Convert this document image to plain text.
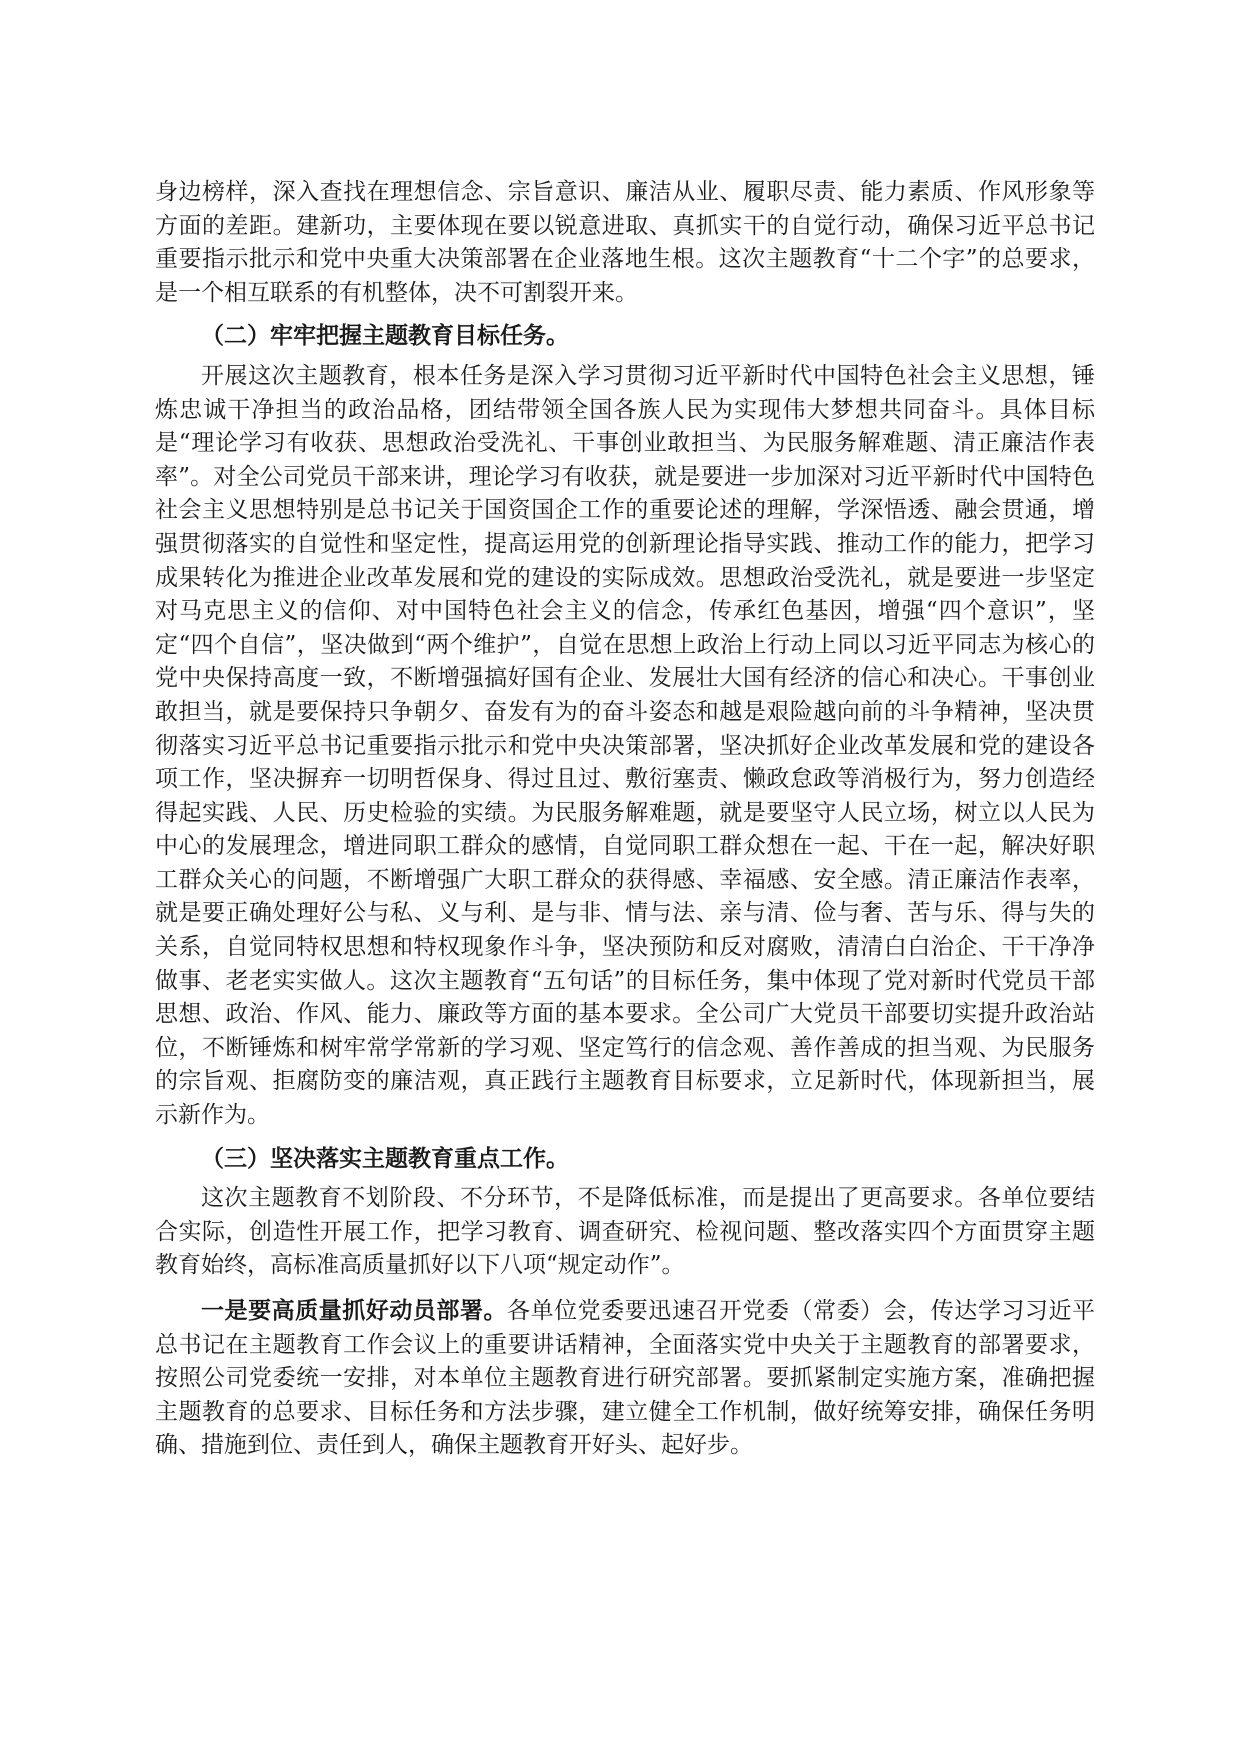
身边榜样，深入查找在理想信念、宗旨意识、廉洁从业、履职尽责、能力素质、作风形象等方面的差距。建新功，主要体现在要以锐意进取、真抓实干的自觉行动，确保习近平总书记重要指示批示和党中央重大决策部署在企业落地生根。这次主题教育“十二个字”的总要求，是一个相互联系的有机整体，决不可割裂开来。

（二）牢牢把握主题教育目标任务。

开展这次主题教育，根本任务是深入学习贯彻习近平新时代中国特色社会主义思想，锤炼忠诚干净担当的政治品格，团结带领全国各族人民为实现伟大梦想共同奋斗。具体目标是“理论学习有收获、思想政治受洗礼、干事创业敢担当、为民服务解难题、清正廉洁作表率”。对全公司党员干部来讲，理论学习有收获，就是要进一步加深对习近平新时代中国特色社会主义思想特别是总书记关于国资国企工作的重要论述的理解，学深悟透、融会贯通，增强贯彻落实的自觉性和坚定性，提高运用党的创新理论指导实践、推动工作的能力，把学习成果转化为推进企业改革发展和党的建设的实际成效。思想政治受洗礼，就是要进一步坚定对马克思主义的信仰、对中国特色社会主义的信念，传承红色基因，增强“四个意识”，坚定“四个自信”，坚决做到“两个维护”，自觉在思想上政治上行动上同以习近平同志为核心的党中央保持高度一致，不断增强搞好国有企业、发展壮大国有经济的信心和决心。干事创业敢担当，就是要保持只争朝夕、奋发有为的奋斗姿态和越是艰险越向前的斗争精神，坚决贯彻落实习近平总书记重要指示批示和党中央决策部署，坚决抓好企业改革发展和党的建设各项工作，坚决摒弃一切明哲保身、得过且过、敷衍塞责、懒政怠政等消极行为，努力创造经得起实践、人民、历史检验的实绩。为民服务解难题，就是要坚守人民立场，树立以人民为中心的发展理念，增进同职工群众的感情，自觉同职工群众想在一起、干在一起，解决好职工群众关心的问题，不断增强广大职工群众的获得感、幸福感、安全感。清正廉洁作表率，就是要正确处理好公与私、义与利、是与非、情与法、亲与清、俭与奢、苦与乐、得与失的关系，自觉同特权思想和特权现象作斗争，坚决预防和反对腐败，清清白白治企、干干净净做事、老老实实做人。这次主题教育“五句话”的目标任务，集中体现了党对新时代党员干部思想、政治、作风、能力、廉政等方面的基本要求。全公司广大党员干部要切实提升政治站位，不断锤炼和树牢常学常新的学习观、坚定笃行的信念观、善作善成的担当观、为民服务的宗旨观、拒腐防变的廉洁观，真正践行主题教育目标要求，立足新时代，体现新担当，展示新作为。

（三）坚决落实主题教育重点工作。

这次主题教育不划阶段、不分环节，不是降低标准，而是提出了更高要求。各单位要结合实际，创造性开展工作，把学习教育、调查研究、检视问题、整改落实四个方面贯穿主题教育始终，高标准高质量抓好以下八项“规定动作”。

一是要高质量抓好动员部署。各单位党委要迅速召开党委（常委）会，传达学习习近平总书记在主题教育工作会议上的重要讲话精神，全面落实党中央关于主题教育的部署要求，按照公司党委统一安排，对本单位主题教育进行研究部署。要抓紧制定实施方案，准确把握主题教育的总要求、目标任务和方法步骤，建立健全工作机制，做好统筹安排，确保任务明确、措施到位、责任到人，确保主题教育开好头、起好步。
